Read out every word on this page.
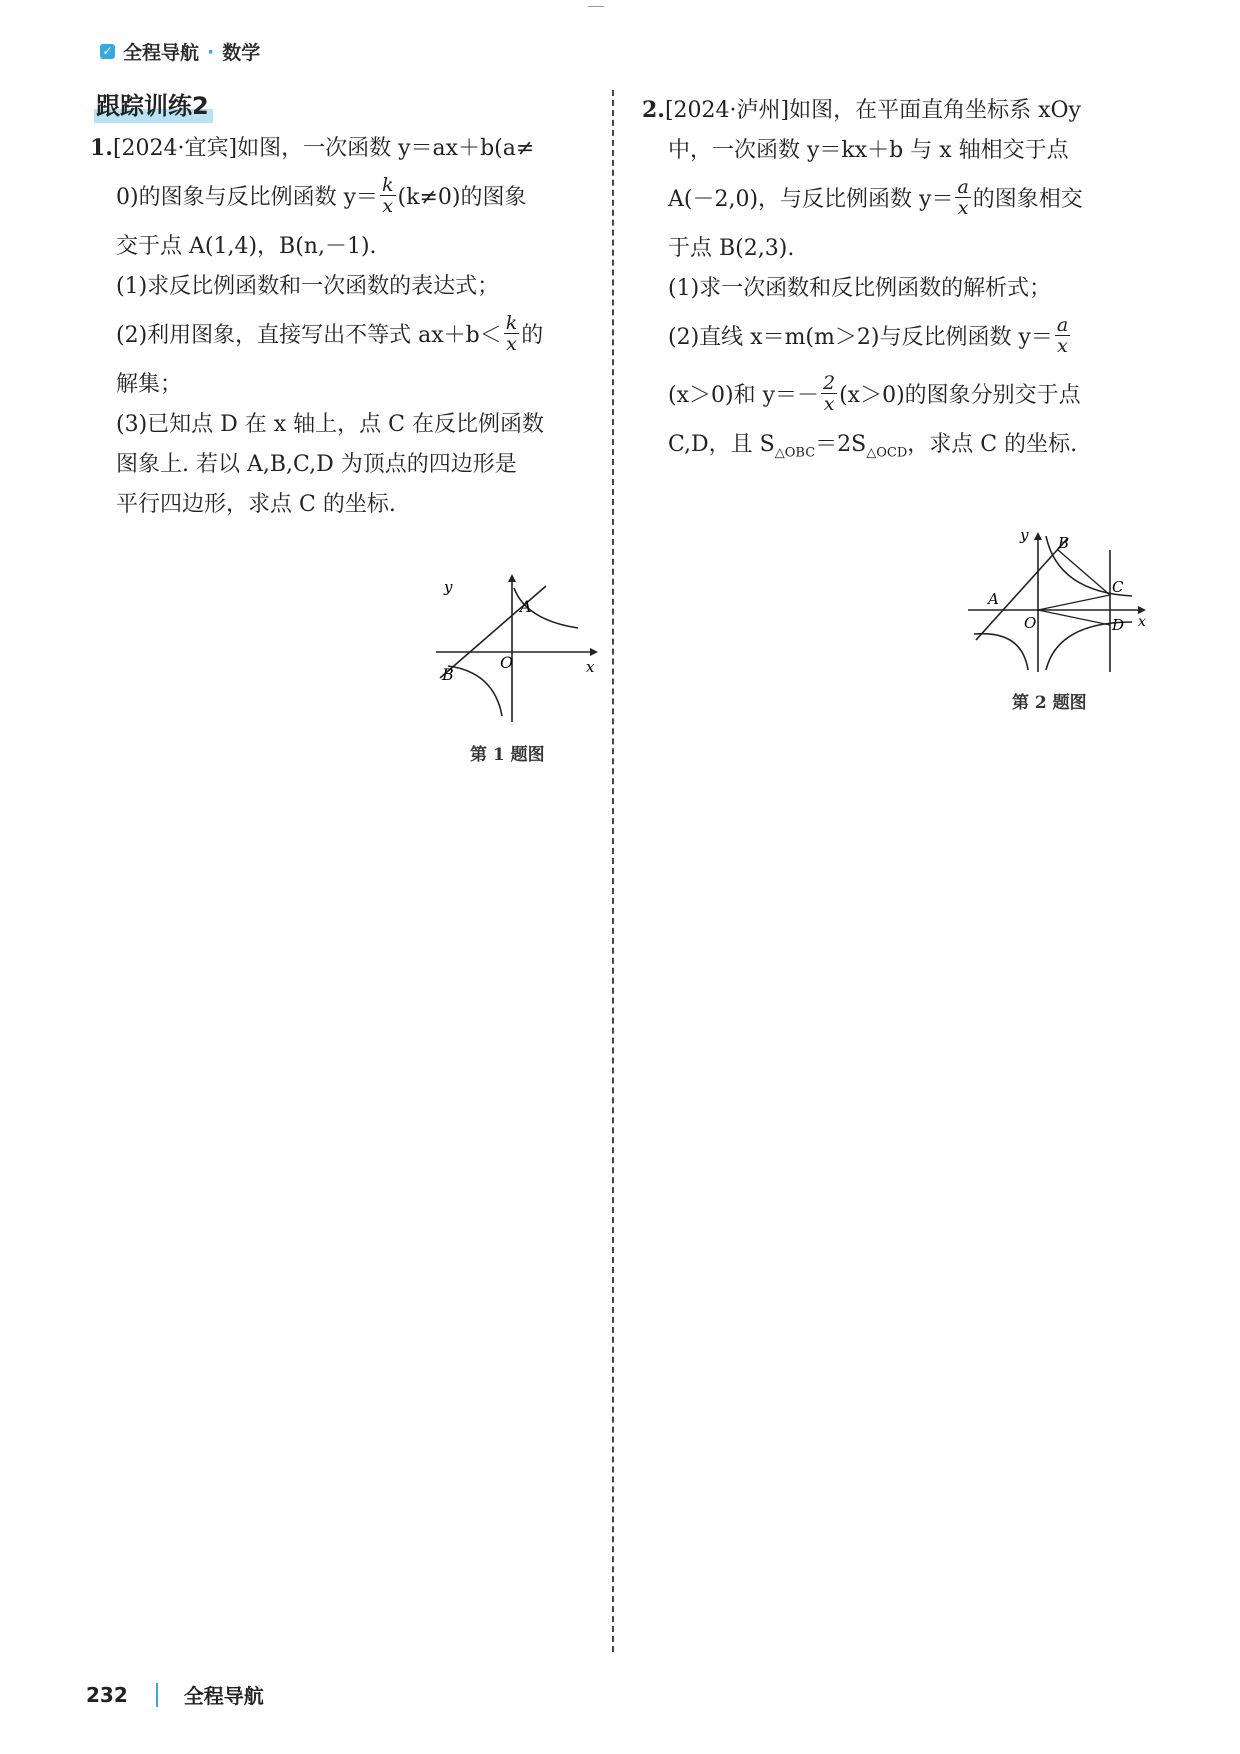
✓ 全程导航 · 数学
跟踪训练2

1.[2024·宜宾]如图，一次函数 y＝ax＋b(a≠

0)的图象与反比例函数 $y= \frac{k}{x} (k\ne 0)$的图象

交于点 A(1,4)，B(n,－1).

(1)求反比例函数和一次函数的表达式；

(2)利用图象，直接写出不等式 $ax+b< \frac{k}{x}$ 的

解集；

(3)已知点 D 在 x 轴上，点 C 在反比例函数

图象上. 若以 A,B,C,D 为顶点的四边形是

平行四边形，求点 C 的坐标.

y
A
B
O	x
第 1 题图

2.[2024·泸州]如图，在平面直角坐标系 xOy

中，一次函数 y＝kx＋b 与 x 轴相交于点

A(－2,0)，与反比例函数 $y= \frac{a}{x}$ 的图象相交

于点 B(2,3).

(1)求一次函数和反比例函数的解析式；

(2)直线 x＝m(m＞2)与反比例函数 $y= \frac{a}{x}$

(x＞0)和 $y=- \frac{2}{x} (x>0)$的图象分别交于点

C,D，且 $S_{\triangle OBC}=2S_{\triangle OCD}$，求点 C 的坐标.

y B
C
A
O	D x
第 2 题图
232	全程导航
